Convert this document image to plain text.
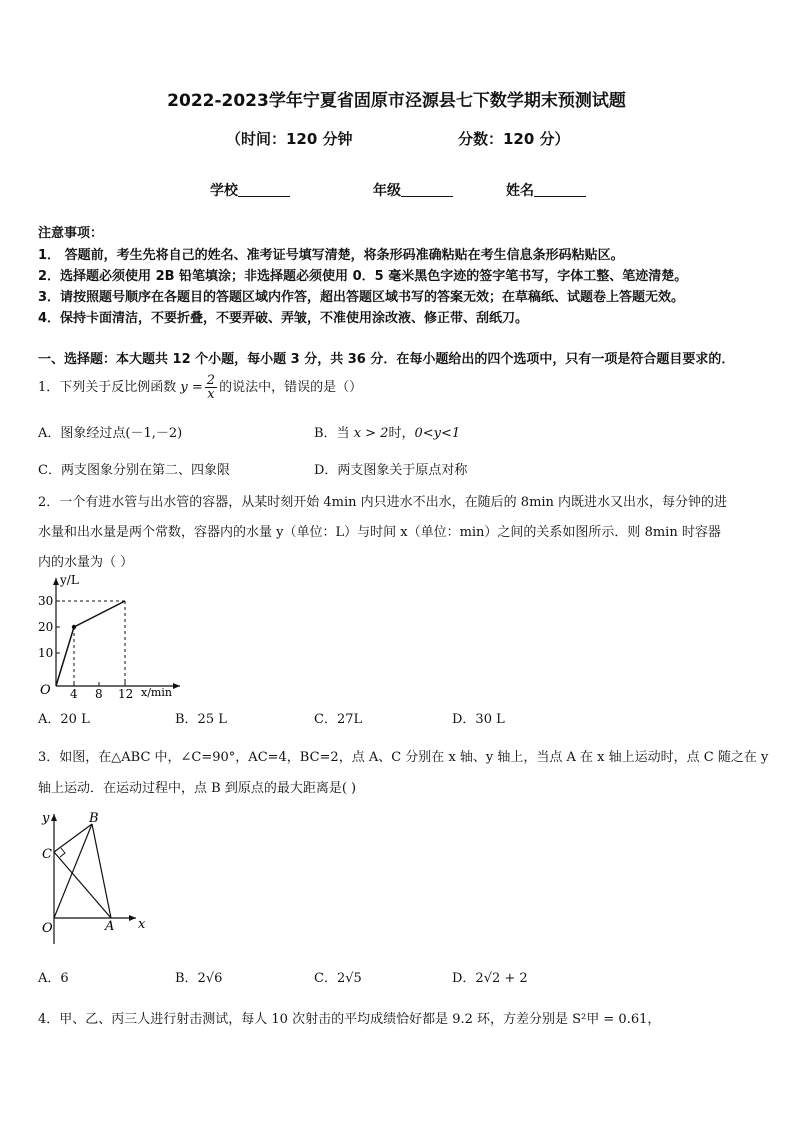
2022-2023学年宁夏省固原市泾源县七下数学期末预测试题
（时间：120 分钟	分数：120 分）
学校	年级	姓名
注意事项：
1． 答题前，考生先将自己的姓名、准考证号填写清楚，将条形码准确粘贴在考生信息条形码粘贴区。
2．选择题必须使用 2B 铅笔填涂；非选择题必须使用 0．5 毫米黑色字迹的签字笔书写，字体工整、笔迹清楚。
3．请按照题号顺序在各题目的答题区域内作答，超出答题区域书写的答案无效；在草稿纸、试题卷上答题无效。
4．保持卡面清洁，不要折叠，不要弄破、弄皱，不准使用涂改液、修正带、刮纸刀。
一、选择题：本大题共 12 个小题，每小题 3 分，共 36 分．在每小题给出的四个选项中，只有一项是符合题目要求的．
1．下列关于反比例函数 $y = \frac{2}{x}$ 的说法中，错误的是（）
A．图象经过点(－1,－2)	B．当 x > 2时，0<y<1
C．两支图象分别在第二、四象限	D．两支图象关于原点对称
2．一个有进水管与出水管的容器，从某时刻开始 4min 内只进水不出水，在随后的 8min 内既进水又出水，每分钟的进
水量和出水量是两个常数，容器内的水量 y（单位：L）与时间 x（单位：min）之间的关系如图所示．则 8min 时容器
内的水量为（ ）
y/L
x/min
O 4 8 12
10
20
30
A．20 L	B．25 L	C．27L	D．30 L
3．如图，在△ABC 中，∠C=90°，AC=4，BC=2，点 A、C 分别在 x 轴、y 轴上，当点 A 在 x 轴上运动时，点 C 随之在 y
轴上运动．在运动过程中，点 B 到原点的最大距离是( )
y
x
O	A
B
C
A．6	B．2√6	C．2√5	D．2√2 + 2
4．甲、乙、丙三人进行射击测试，每人 10 次射击的平均成绩恰好都是 9.2 环，方差分别是 S²甲 = 0.61，
